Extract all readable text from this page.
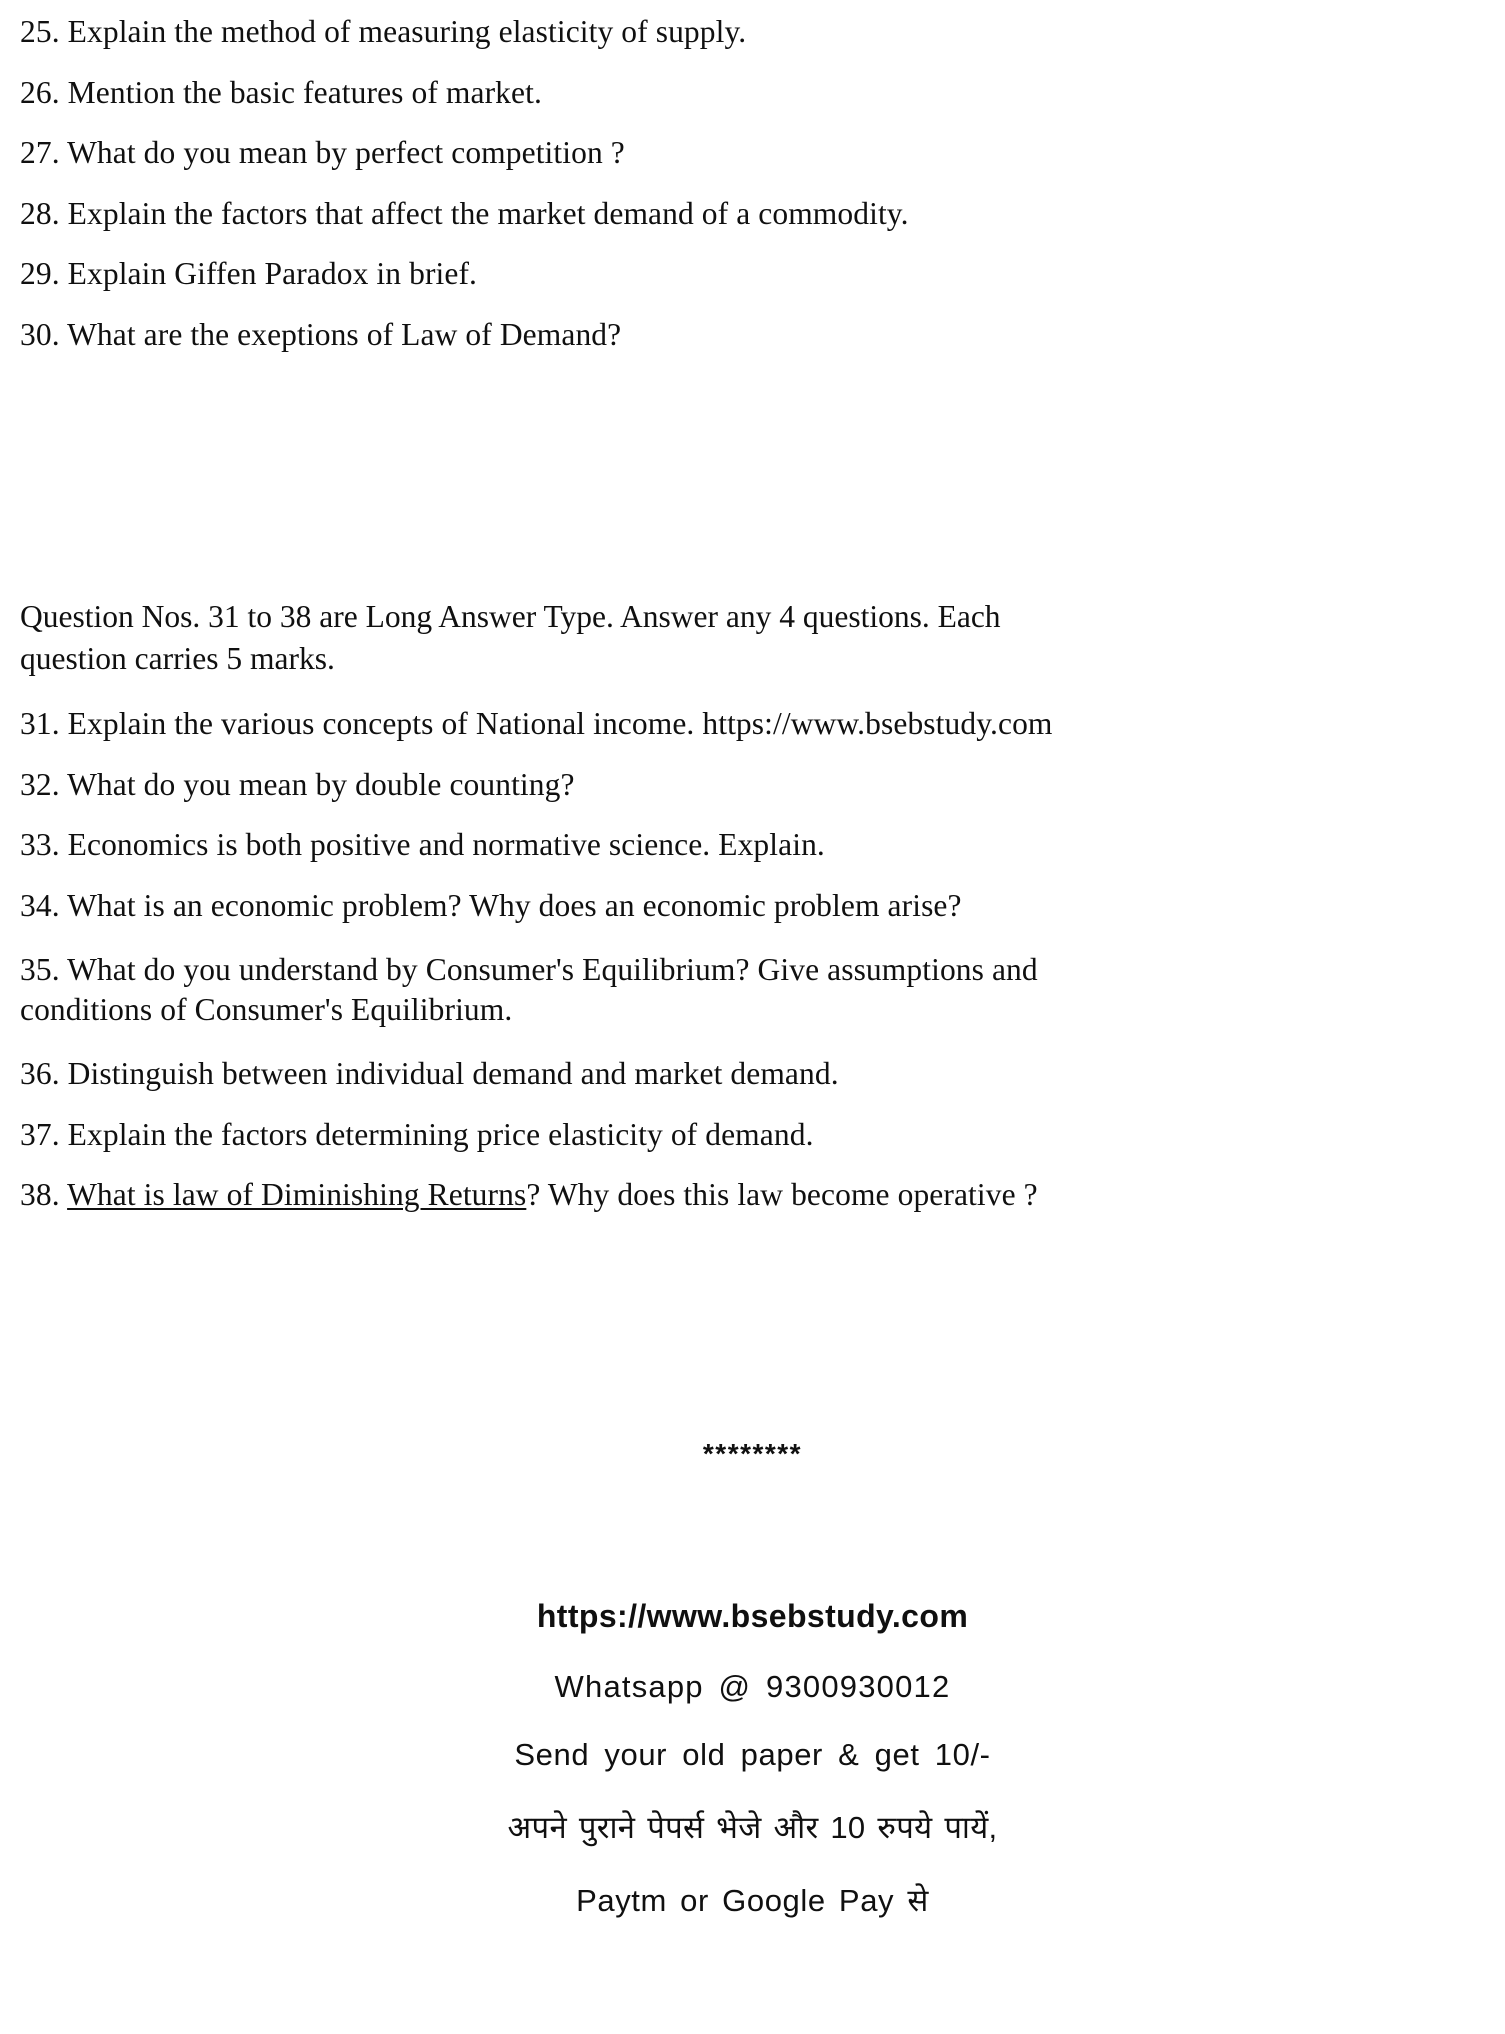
25. Explain the method of measuring elasticity of supply.

26. Mention the basic features of market.

27. What do you mean by perfect competition ?

28. Explain the factors that affect the market demand of a commodity.

29. Explain Giffen Paradox in brief.

30. What are the exeptions of Law of Demand?

Question Nos. 31 to 38 are Long Answer Type. Answer any 4 questions. Each question carries 5 marks.

31. Explain the various concepts of National income. https://www.bsebstudy.com

32. What do you mean by double counting?

33. Economics is both positive and normative science. Explain.

34. What is an economic problem? Why does an economic problem arise?

35. What do you understand by Consumer's Equilibrium? Give assumptions and conditions of Consumer's Equilibrium.

36. Distinguish between individual demand and market demand.

37. Explain the factors determining price elasticity of demand.

38. What is law of Diminishing Returns? Why does this law become operative ?

********
https://www.bsebstudy.com
Whatsapp @ 9300930012
Send your old paper & get 10/-
अपने पुराने पेपर्स भेजे और 10 रुपये पायें,
Paytm or Google Pay से
